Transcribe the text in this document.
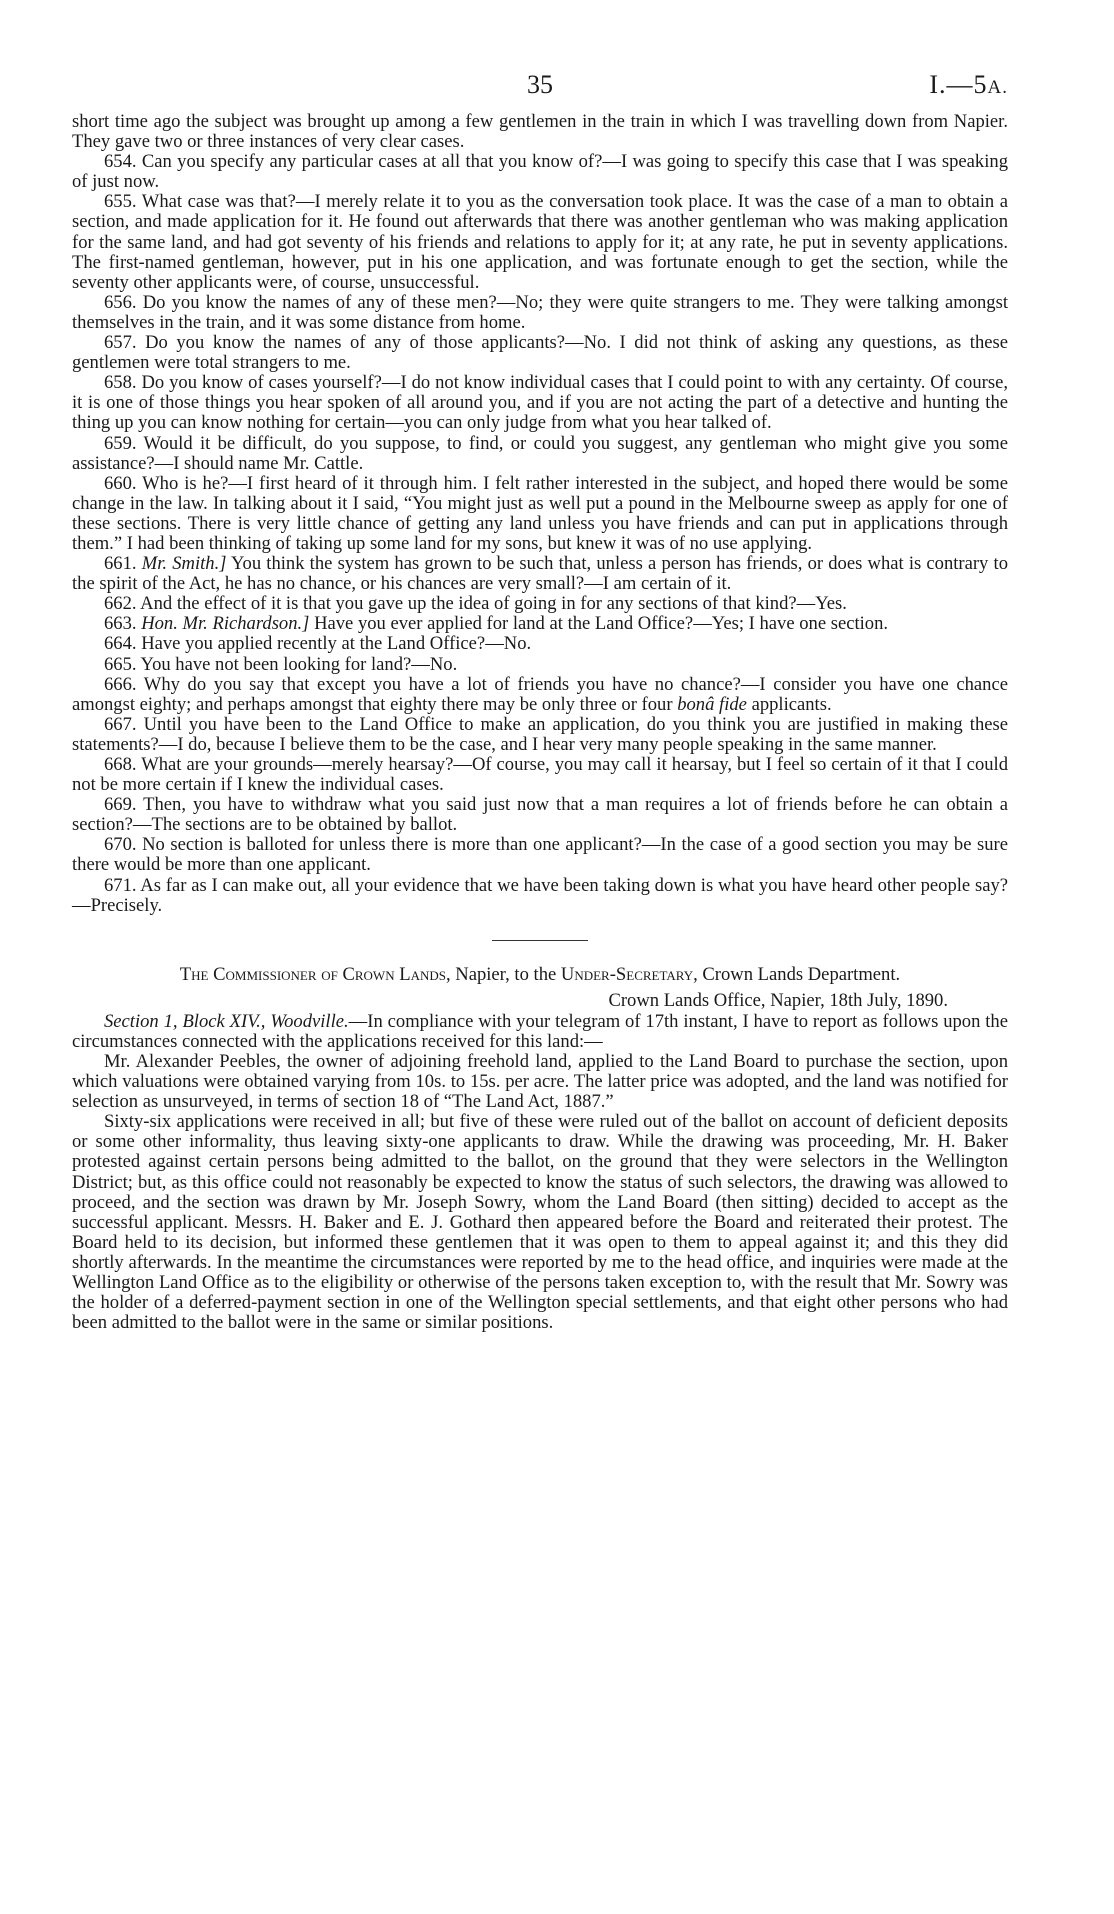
35	I.—5A.

short time ago the subject was brought up among a few gentlemen in the train in which I was travelling down from Napier. They gave two or three instances of very clear cases.

654. Can you specify any particular cases at all that you know of?—I was going to specify this case that I was speaking of just now.

655. What case was that?—I merely relate it to you as the conversation took place. It was the case of a man to obtain a section, and made application for it. He found out afterwards that there was another gentleman who was making application for the same land, and had got seventy of his friends and relations to apply for it; at any rate, he put in seventy applications. The first-named gentleman, however, put in his one application, and was fortunate enough to get the section, while the seventy other applicants were, of course, unsuccessful.

656. Do you know the names of any of these men?—No; they were quite strangers to me. They were talking amongst themselves in the train, and it was some distance from home.

657. Do you know the names of any of those applicants?—No. I did not think of asking any questions, as these gentlemen were total strangers to me.

658. Do you know of cases yourself?—I do not know individual cases that I could point to with any certainty. Of course, it is one of those things you hear spoken of all around you, and if you are not acting the part of a detective and hunting the thing up you can know nothing for certain—you can only judge from what you hear talked of.

659. Would it be difficult, do you suppose, to find, or could you suggest, any gentleman who might give you some assistance?—I should name Mr. Cattle.

660. Who is he?—I first heard of it through him. I felt rather interested in the subject, and hoped there would be some change in the law. In talking about it I said, “You might just as well put a pound in the Melbourne sweep as apply for one of these sections. There is very little chance of getting any land unless you have friends and can put in applications through them.” I had been thinking of taking up some land for my sons, but knew it was of no use applying.

661. Mr. Smith.] You think the system has grown to be such that, unless a person has friends, or does what is contrary to the spirit of the Act, he has no chance, or his chances are very small?—I am certain of it.

662. And the effect of it is that you gave up the idea of going in for any sections of that kind?—Yes.

663. Hon. Mr. Richardson.] Have you ever applied for land at the Land Office?—Yes; I have one section.

664. Have you applied recently at the Land Office?—No.

665. You have not been looking for land?—No.

666. Why do you say that except you have a lot of friends you have no chance?—I consider you have one chance amongst eighty; and perhaps amongst that eighty there may be only three or four bonâ fide applicants.

667. Until you have been to the Land Office to make an application, do you think you are justified in making these statements?—I do, because I believe them to be the case, and I hear very many people speaking in the same manner.

668. What are your grounds—merely hearsay?—Of course, you may call it hearsay, but I feel so certain of it that I could not be more certain if I knew the individual cases.

669. Then, you have to withdraw what you said just now that a man requires a lot of friends before he can obtain a section?—The sections are to be obtained by ballot.

670. No section is balloted for unless there is more than one applicant?—In the case of a good section you may be sure there would be more than one applicant.

671. As far as I can make out, all your evidence that we have been taking down is what you have heard other people say?—Precisely.

The Commissioner of Crown Lands, Napier, to the Under-Secretary, Crown Lands Department.
Crown Lands Office, Napier, 18th July, 1890.

Section 1, Block XIV., Woodville.—In compliance with your telegram of 17th instant, I have to report as follows upon the circumstances connected with the applications received for this land:—

Mr. Alexander Peebles, the owner of adjoining freehold land, applied to the Land Board to purchase the section, upon which valuations were obtained varying from 10s. to 15s. per acre. The latter price was adopted, and the land was notified for selection as unsurveyed, in terms of section 18 of “The Land Act, 1887.”

Sixty-six applications were received in all; but five of these were ruled out of the ballot on account of deficient deposits or some other informality, thus leaving sixty-one applicants to draw. While the drawing was proceeding, Mr. H. Baker protested against certain persons being admitted to the ballot, on the ground that they were selectors in the Wellington District; but, as this office could not reasonably be expected to know the status of such selectors, the drawing was allowed to proceed, and the section was drawn by Mr. Joseph Sowry, whom the Land Board (then sitting) decided to accept as the successful applicant. Messrs. H. Baker and E. J. Gothard then appeared before the Board and reiterated their protest. The Board held to its decision, but informed these gentlemen that it was open to them to appeal against it; and this they did shortly afterwards. In the meantime the circumstances were reported by me to the head office, and inquiries were made at the Wellington Land Office as to the eligibility or otherwise of the persons taken exception to, with the result that Mr. Sowry was the holder of a deferred-payment section in one of the Wellington special settlements, and that eight other persons who had been admitted to the ballot were in the same or similar positions.
